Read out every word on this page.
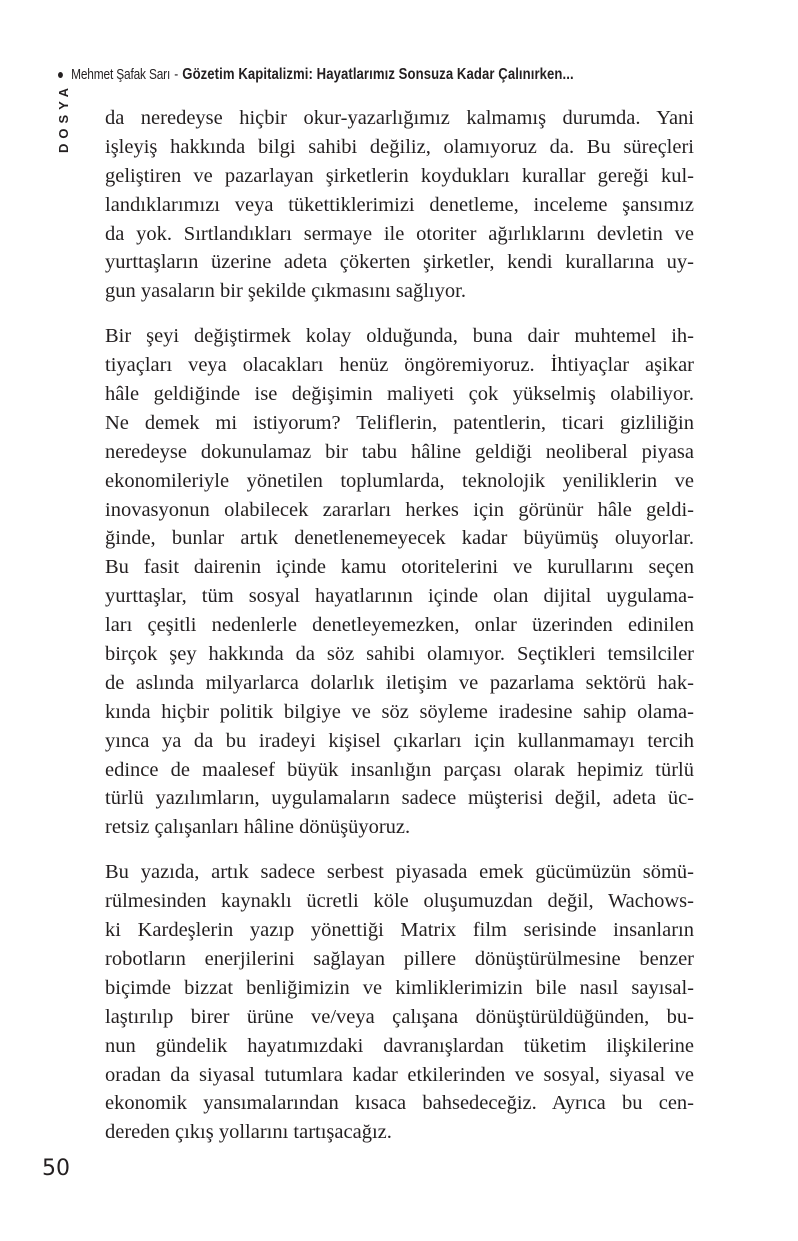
Mehmet Şafak Sarı - Gözetim Kapitalizmi: Hayatlarımız Sonsuza Kadar Çalınırken...
DOSYA da neredeyse hiçbir okur-yazarlığımız kalmamış durumda. Yani
işleyiş hakkında bilgi sahibi değiliz, olamıyoruz da. Bu süreçleri
geliştiren ve pazarlayan şirketlerin koydukları kurallar gereği kul-
landıklarımızı veya tükettiklerimizi denetleme, inceleme şansımız
da yok. Sırtlandıkları sermaye ile otoriter ağırlıklarını devletin ve
yurttaşların üzerine adeta çökerten şirketler, kendi kurallarına uy-
gun yasaların bir şekilde çıkmasını sağlıyor.
Bir şeyi değiştirmek kolay olduğunda, buna dair muhtemel ih-
tiyaçları veya olacakları henüz öngöremiyoruz. İhtiyaçlar aşikar
hâle geldiğinde ise değişimin maliyeti çok yükselmiş olabiliyor.
Ne demek mi istiyorum? Teliflerin, patentlerin, ticari gizliliğin
neredeyse dokunulamaz bir tabu hâline geldiği neoliberal piyasa
ekonomileriyle yönetilen toplumlarda, teknolojik yeniliklerin ve
inovasyonun olabilecek zararları herkes için görünür hâle geldi-
ğinde, bunlar artık denetlenemeyecek kadar büyümüş oluyorlar.
Bu fasit dairenin içinde kamu otoritelerini ve kurullarını seçen
yurttaşlar, tüm sosyal hayatlarının içinde olan dijital uygulama-
ları çeşitli nedenlerle denetleyemezken, onlar üzerinden edinilen
birçok şey hakkında da söz sahibi olamıyor. Seçtikleri temsilciler
de aslında milyarlarca dolarlık iletişim ve pazarlama sektörü hak-
kında hiçbir politik bilgiye ve söz söyleme iradesine sahip olama-
yınca ya da bu iradeyi kişisel çıkarları için kullanmamayı tercih
edince de maalesef büyük insanlığın parçası olarak hepimiz türlü
türlü yazılımların, uygulamaların sadece müşterisi değil, adeta üc-
retsiz çalışanları hâline dönüşüyoruz.
Bu yazıda, artık sadece serbest piyasada emek gücümüzün sömü-
rülmesinden kaynaklı ücretli köle oluşumuzdan değil, Wachows-
ki Kardeşlerin yazıp yönettiği Matrix film serisinde insanların
robotların enerjilerini sağlayan pillere dönüştürülmesine benzer
biçimde bizzat benliğimizin ve kimliklerimizin bile nasıl sayısal-
laştırılıp birer ürüne ve/veya çalışana dönüştürüldüğünden, bu-
nun gündelik hayatımızdaki davranışlardan tüketim ilişkilerine
oradan da siyasal tutumlara kadar etkilerinden ve sosyal, siyasal ve
ekonomik yansımalarından kısaca bahsedeceğiz. Ayrıca bu cen-
dereden çıkış yollarını tartışacağız.
50
